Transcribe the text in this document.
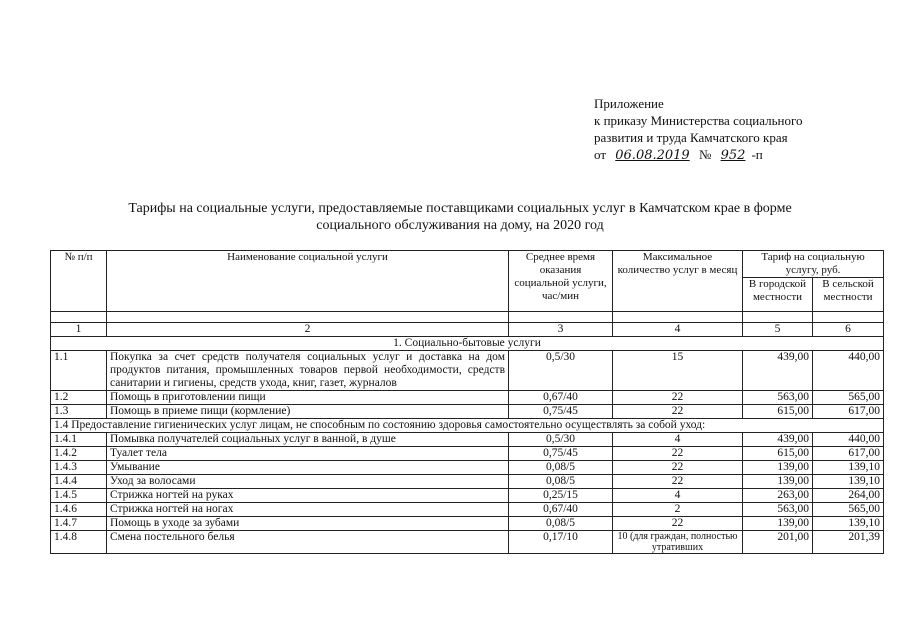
Приложение
к приказу Министерства социального
развития и труда Камчатского края
от 06.08.2019 № 952 -п
Тарифы на социальные услуги, предоставляемые поставщиками социальных услуг в Камчатском крае в форме
социального обслуживания на дому, на 2020 год
№ п/п	Наименование социальной услуги	Среднее время оказания социальной услуги, час/мин	Максимальное количество услуг в месяц	Тариф на социальную услугу, руб.	
				В городской местности	В сельской местности

1	2	3	4	5	6
1. Социально-бытовые услуги					
1.1	Покупка за счет средств получателя социальных услуг и доставка на дом продуктов питания, промышленных товаров первой необходимости, средств санитарии и гигиены, средств ухода, книг, газет, журналов	0,5/30	15	439,00	440,00
1.2	Помощь в приготовлении пищи	0,67/40	22	563,00	565,00
1.3	Помощь в приеме пищи (кормление)	0,75/45	22	615,00	617,00
1.4 Предоставление гигиенических услуг лицам, не способным по состоянию здоровья самостоятельно осуществлять за собой уход:					
1.4.1	Помывка получателей социальных услуг в ванной, в душе	0,5/30	4	439,00	440,00
1.4.2	Туалет тела	0,75/45	22	615,00	617,00
1.4.3	Умывание	0,08/5	22	139,00	139,10
1.4.4	Уход за волосами	0,08/5	22	139,00	139,10
1.4.5	Стрижка ногтей на руках	0,25/15	4	263,00	264,00
1.4.6	Стрижка ногтей на ногах	0,67/40	2	563,00	565,00
1.4.7	Помощь в уходе за зубами	0,08/5	22	139,00	139,10
1.4.8	Смена постельного белья	0,17/10	10 (для граждан, полностью утративших	201,00	201,39
